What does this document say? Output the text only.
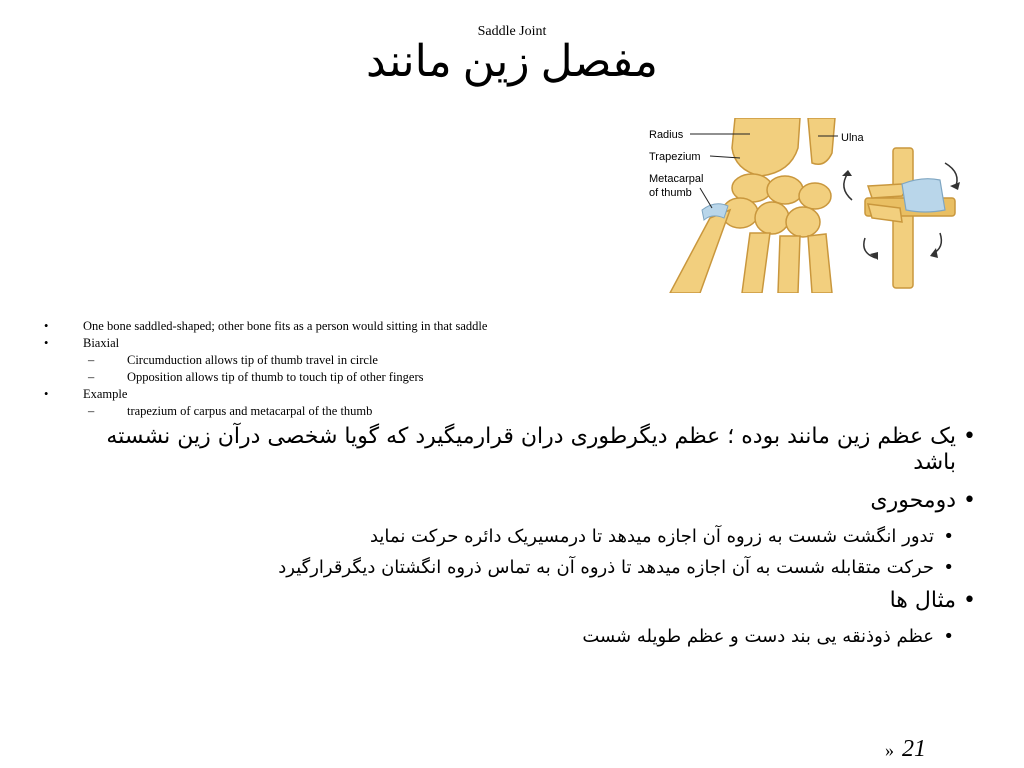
Saddle Joint
مفصل زین مانند
Radius	Ulna
Trapezium
Metacarpal
of thumb
•	One bone saddled-shaped; other bone fits as a person would sitting in that saddle
•	Biaxial
–	Circumduction allows tip of thumb travel in circle
–	Opposition allows tip of thumb to touch tip of other fingers
•	Example
–	trapezium of carpus and metacarpal of the thumb
•
یک عظم زین مانند بوده ؛ عظم دیگرطوری دران قرارمیگیرد که گویا شخصی درآن زین نشسته باشد
•
دومحوری
•
تدور انگشت شست به زروه آن اجازه میدهد تا درمسیریک دائره حرکت نماید
•
حرکت متقابله شست به آن اجازه میدهد تا ذروه آن به تماس ذروه انگشتان دیگرقرارگیرد
•
مثال ها
•
عظم ذوذنقه یی بند دست و عظم طویله شست
» 21
